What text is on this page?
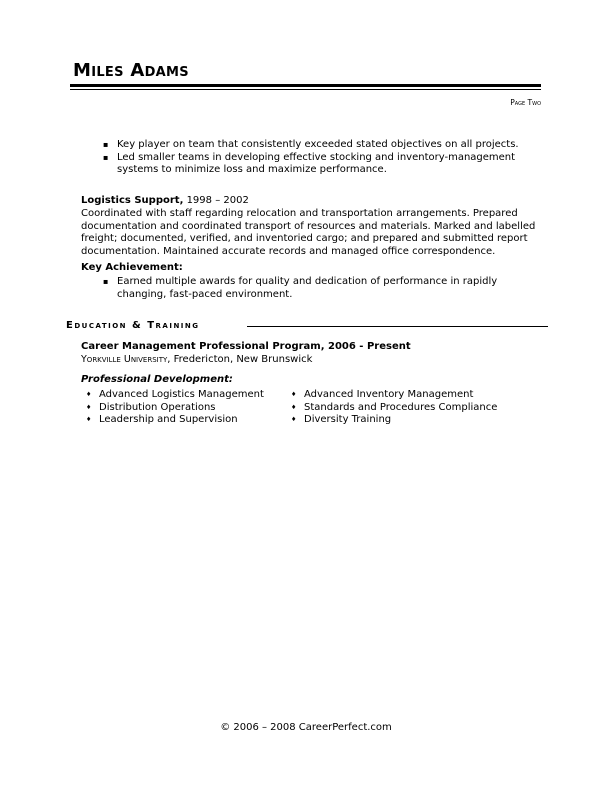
Miles Adams
Page Two
▪ Key player on team that consistently exceeded stated objectives on all projects.
▪ Led smaller teams in developing effective stocking and inventory-management systems to minimize loss and maximize performance.
Logistics Support, 1998 – 2002
Coordinated with staff regarding relocation and transportation arrangements. Prepared documentation and coordinated transport of resources and materials. Marked and labelled freight; documented, verified, and inventoried cargo; and prepared and submitted report documentation. Maintained accurate records and managed office correspondence.
Key Achievement:
▪ Earned multiple awards for quality and dedication of performance in rapidly changing, fast-paced environment.
Education & Training
Career Management Professional Program, 2006 - Present
Yorkville University, Fredericton, New Brunswick
Professional Development:
♦ Advanced Logistics Management
♦ Distribution Operations
♦ Leadership and Supervision
♦ Advanced Inventory Management
♦ Standards and Procedures Compliance
♦ Diversity Training
© 2006 – 2008 CareerPerfect.com
